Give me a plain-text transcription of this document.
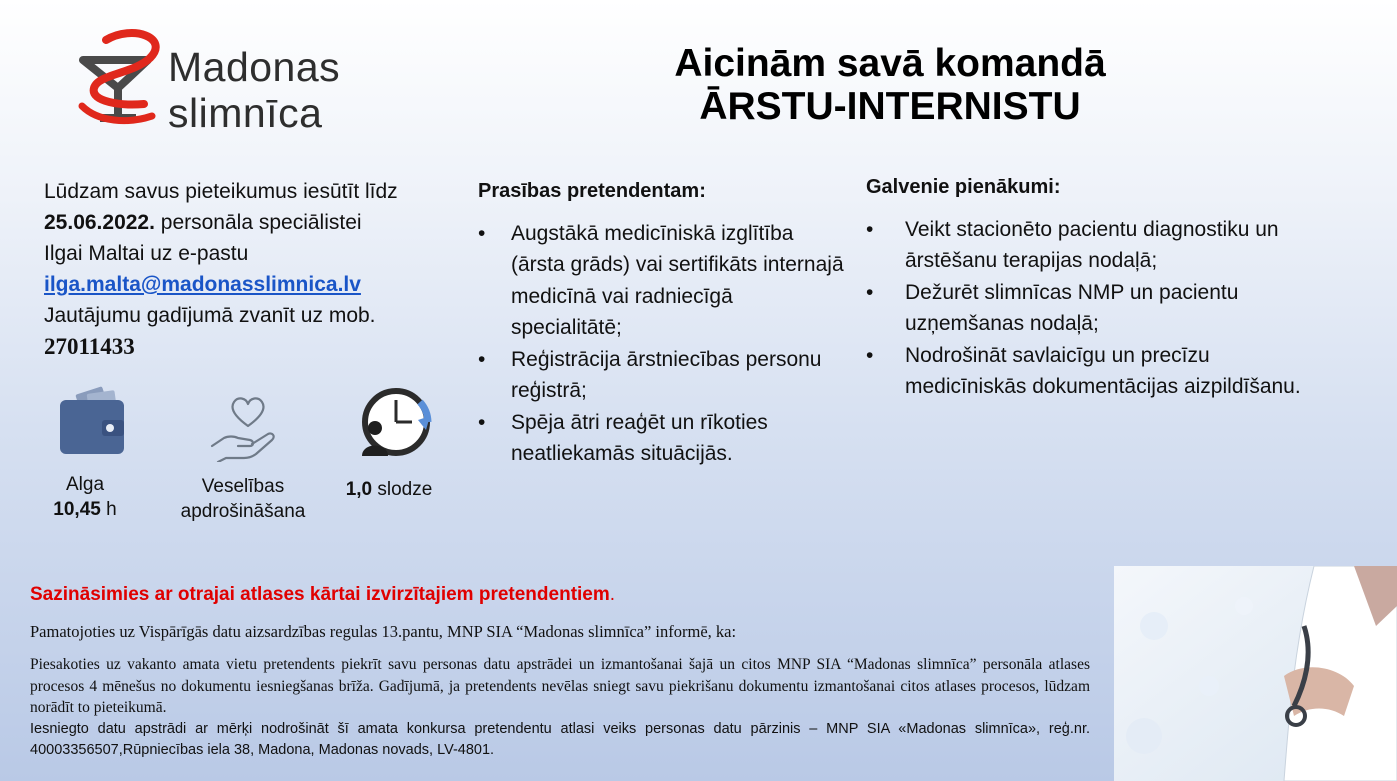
Madonas
slimnīca
Aicinām savā komandā
ĀRSTU-INTERNISTU
Lūdzam savus pieteikumus iesūtīt līdz
25.06.2022. personāla speciālistei
Ilgai Maltai uz e-pastu
ilga.malta@madonasslimnica.lv
Jautājumu gadījumā zvanīt uz mob.
27011433
Alga
10,45 h
Veselības
apdrošināšana
1,0 slodze
Prasības pretendentam:
• Augstākā medicīniskā izglītība (ārsta grāds) vai sertifikāts internajā medicīnā vai radniecīgā specialitātē;
• Reģistrācija ārstniecības personu reģistrā;
• Spēja ātri reaģēt un rīkoties neatliekamās situācijās.
Galvenie pienākumi:
• Veikt stacionēto pacientu diagnostiku un ārstēšanu terapijas nodaļā;
• Dežurēt slimnīcas NMP un pacientu uzņemšanas nodaļā;
• Nodrošināt savlaicīgu un precīzu medicīniskās dokumentācijas aizpildīšanu.
Sazināsimies ar otrajai atlases kārtai izvirzītajiem pretendentiem.
Pamatojoties uz Vispārīgās datu aizsardzības regulas 13.pantu, MNP SIA “Madonas slimnīca” informē, ka:

Piesakoties uz vakanto amata vietu pretendents piekrīt savu personas datu apstrādei un izmantošanai šajā un citos MNP SIA “Madonas slimnīca” personāla atlases procesos 4 mēnešus no dokumentu iesniegšanas brīža. Gadījumā, ja pretendents nevēlas sniegt savu piekrišanu dokumentu izmantošanai citos atlases procesos, lūdzam norādīt to pieteikumā.

Iesniegto datu apstrādi ar mērķi nodrošināt šī amata konkursa pretendentu atlasi veiks personas datu pārzinis – MNP SIA «Madonas slimnīca», reģ.nr. 40003356507,Rūpniecības iela 38, Madona, Madonas novads, LV-4801.
